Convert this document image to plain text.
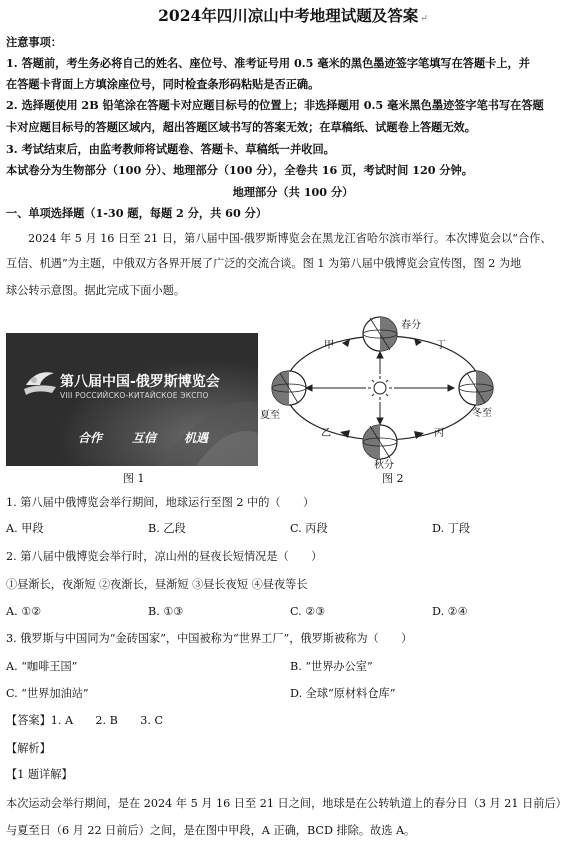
2024年四川凉山中考地理试题及答案 ↵
注意事项：
1. 答题前，考生务必将自己的姓名、座位号、准考证号用 0.5 毫米的黑色墨迹签字笔填写在答题卡上，并
在答题卡背面上方填涂座位号，同时检查条形码粘贴是否正确。
2. 选择题使用 2B 铅笔涂在答题卡对应题目标号的位置上；非选择题用 0.5 毫米黑色墨迹签字笔书写在答题
卡对应题目标号的答题区域内，超出答题区域书写的答案无效；在草稿纸、试题卷上答题无效。
3. 考试结束后，由监考教师将试题卷、答题卡、草稿纸一并收回。
本试卷分为生物部分（100 分）、地理部分（100 分），全卷共 16 页，考试时间 120 分钟。
地理部分（共 100 分）
一、单项选择题（1-30 题，每题 2 分，共 60 分）
2024 年 5 月 16 日至 21 日，第八届中国-俄罗斯博览会在黑龙江省哈尔滨市举行。本次博览会以“合作、
互信、机遇”为主题，中俄双方各界开展了广泛的交流合谈。图 1 为第八届中俄博览会宣传图，图 2 为地
球公转示意图。据此完成下面小题。
第八届中国-俄罗斯博览会
VIII РОССИЙСКО-КИТАЙСКОЕ ЭКСПО
合作 互信 机遇
图 1
春分
夏至
秋分
冬至
甲
乙	丙
丁
图 2
1. 第八届中俄博览会举行期间，地球运行至图 2 中的（　　）
A. 甲段	B. 乙段	C. 丙段	D. 丁段
2. 第八届中俄博览会举行时，凉山州的昼夜长短情况是（　　）
①昼渐长，夜渐短 ②夜渐长，昼渐短 ③昼长夜短 ④昼夜等长
A. ①②	B. ①③	C. ②③	D. ②④
3. 俄罗斯与中国同为“金砖国家”，中国被称为“世界工厂”，俄罗斯被称为（　　）
A. “咖啡王国”	B. “世界办公室”
C. “世界加油站”	D. 全球“原材料仓库”
【答案】1. A　　2. B　　3. C
【解析】
【1 题详解】
本次运动会举行期间，是在 2024 年 5 月 16 日至 21 日之间，地球是在公转轨道上的春分日（3 月 21 日前后）
与夏至日（6 月 22 日前后）之间，是在图中甲段，A 正确，BCD 排除。故选 A。
